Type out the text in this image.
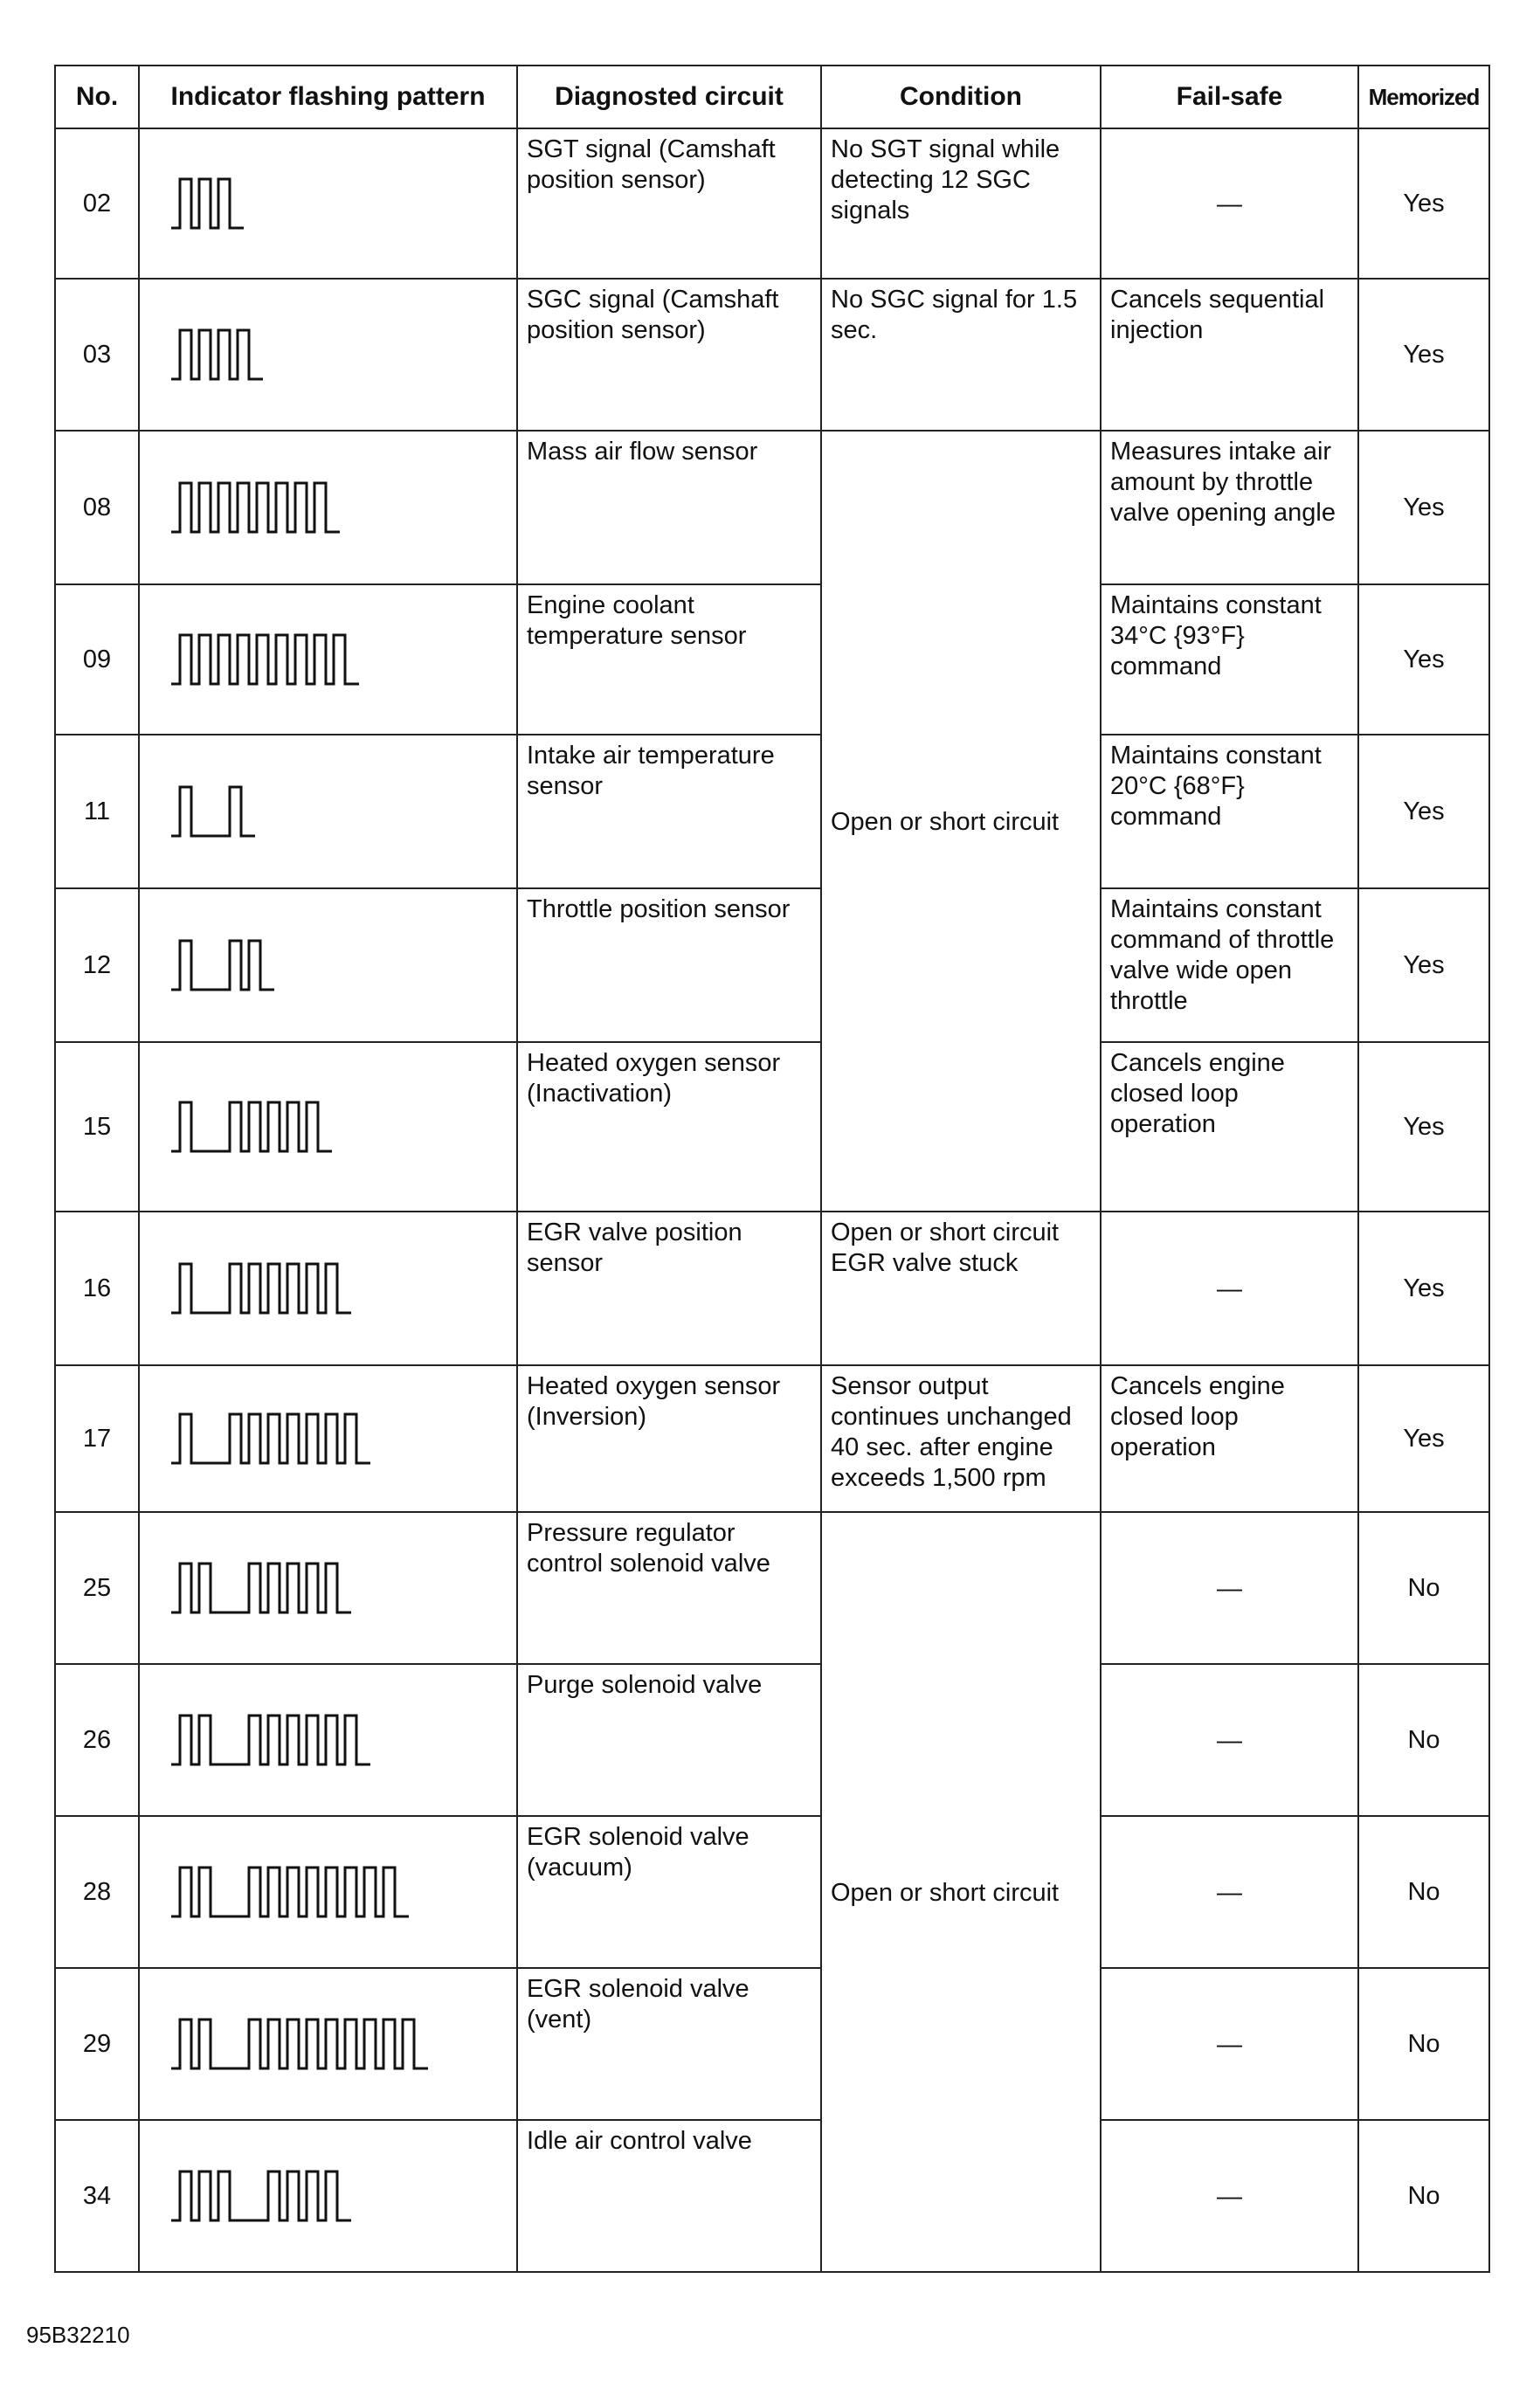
No.	Indicator flashing pattern	Diagnosted circuit	Condition	Fail-safe	Memorized
02		SGT signal (Camshaft position sensor)	No SGT signal while detecting 12 SGC signals	—	Yes
03		SGC signal (Camshaft position sensor)	No SGC signal for 1.5 sec.	Cancels sequential injection	Yes
08		Mass air flow sensor	Open or short circuit	Measures intake air amount by throttle valve opening angle	Yes
09		Engine coolant temperature sensor		Maintains constant 34°C {93°F} command	Yes
11		Intake air temperature sensor		Maintains constant 20°C {68°F} command	Yes
12		Throttle position sensor		Maintains constant command of throttle valve wide open throttle	Yes
15		Heated oxygen sensor (Inactivation)		Cancels engine closed loop operation	Yes
16		EGR valve position sensor	Open or short circuit EGR valve stuck	—	Yes
17		Heated oxygen sensor (Inversion)	Sensor output continues unchanged 40 sec. after engine exceeds 1,500 rpm	Cancels engine closed loop operation	Yes
25		Pressure regulator control solenoid valve	Open or short circuit	—	No
26		Purge solenoid valve		—	No
28		EGR solenoid valve (vacuum)		—	No
29		EGR solenoid valve (vent)		—	No
34		Idle air control valve		—	No
95B32210
